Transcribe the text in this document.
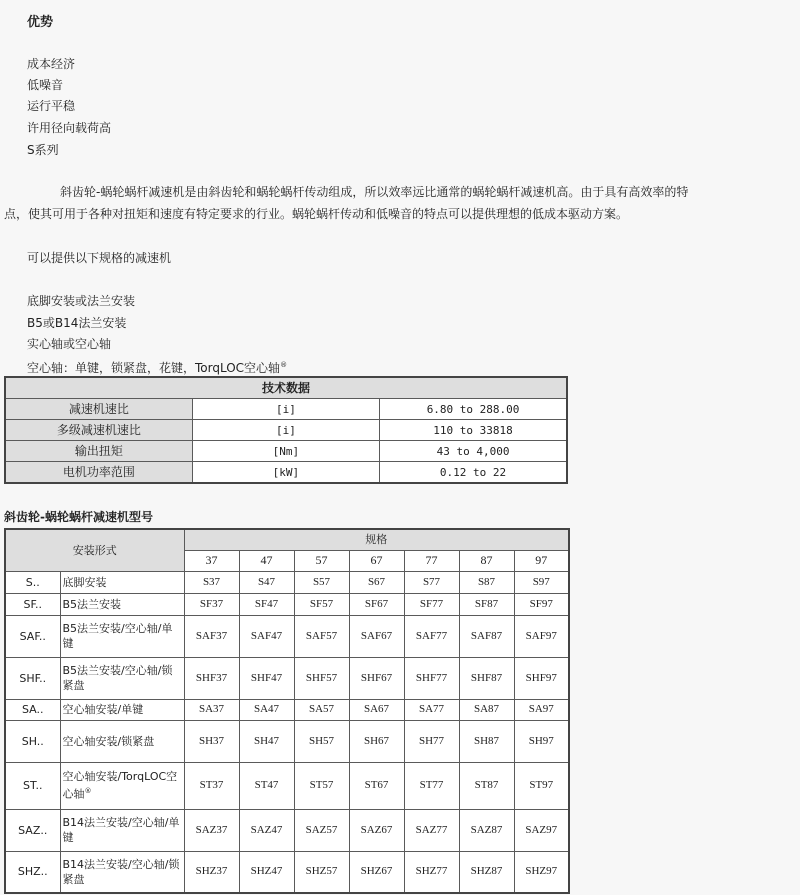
优势
成本经济
低噪音
运行平稳
许用径向载荷高
S系列
斜齿轮-蜗轮蜗杆减速机是由斜齿轮和蜗轮蜗杆传动组成，所以效率远比通常的蜗轮蜗杆减速机高。由于具有高效率的特点，使其可用于各种对扭矩和速度有特定要求的行业。蜗轮蜗杆传动和低噪音的特点可以提供理想的低成本驱动方案。
可以提供以下规格的减速机
底脚安装或法兰安装
B5或B14法兰安装
实心轴或空心轴
空心轴：单键，锁紧盘，花键，TorqLOC空心轴®
技术数据		
减速机速比	[i]	6.80 to 288.00
多级减速机速比	[i]	110 to 33818
输出扭矩	[Nm]	43 to 4,000
电机功率范围	[kW]	0.12 to 22
斜齿轮-蜗轮蜗杆减速机型号
安装形式		规格						
		37	47	57	67	77	87	97
S..	底脚安装	S37	S47	S57	S67	S77	S87	S97
SF..	B5法兰安装	SF37	SF47	SF57	SF67	SF77	SF87	SF97
SAF..	B5法兰安装/空心轴/单键	SAF37	SAF47	SAF57	SAF67	SAF77	SAF87	SAF97
SHF..	B5法兰安装/空心轴/锁紧盘	SHF37	SHF47	SHF57	SHF67	SHF77	SHF87	SHF97
SA..	空心轴安装/单键	SA37	SA47	SA57	SA67	SA77	SA87	SA97
SH..	空心轴安装/锁紧盘	SH37	SH47	SH57	SH67	SH77	SH87	SH97
ST..	空心轴安装/TorqLOC空心轴®	ST37	ST47	ST57	ST67	ST77	ST87	ST97
SAZ..	B14法兰安装/空心轴/单键	SAZ37	SAZ47	SAZ57	SAZ67	SAZ77	SAZ87	SAZ97
SHZ..	B14法兰安装/空心轴/锁紧盘	SHZ37	SHZ47	SHZ57	SHZ67	SHZ77	SHZ87	SHZ97
